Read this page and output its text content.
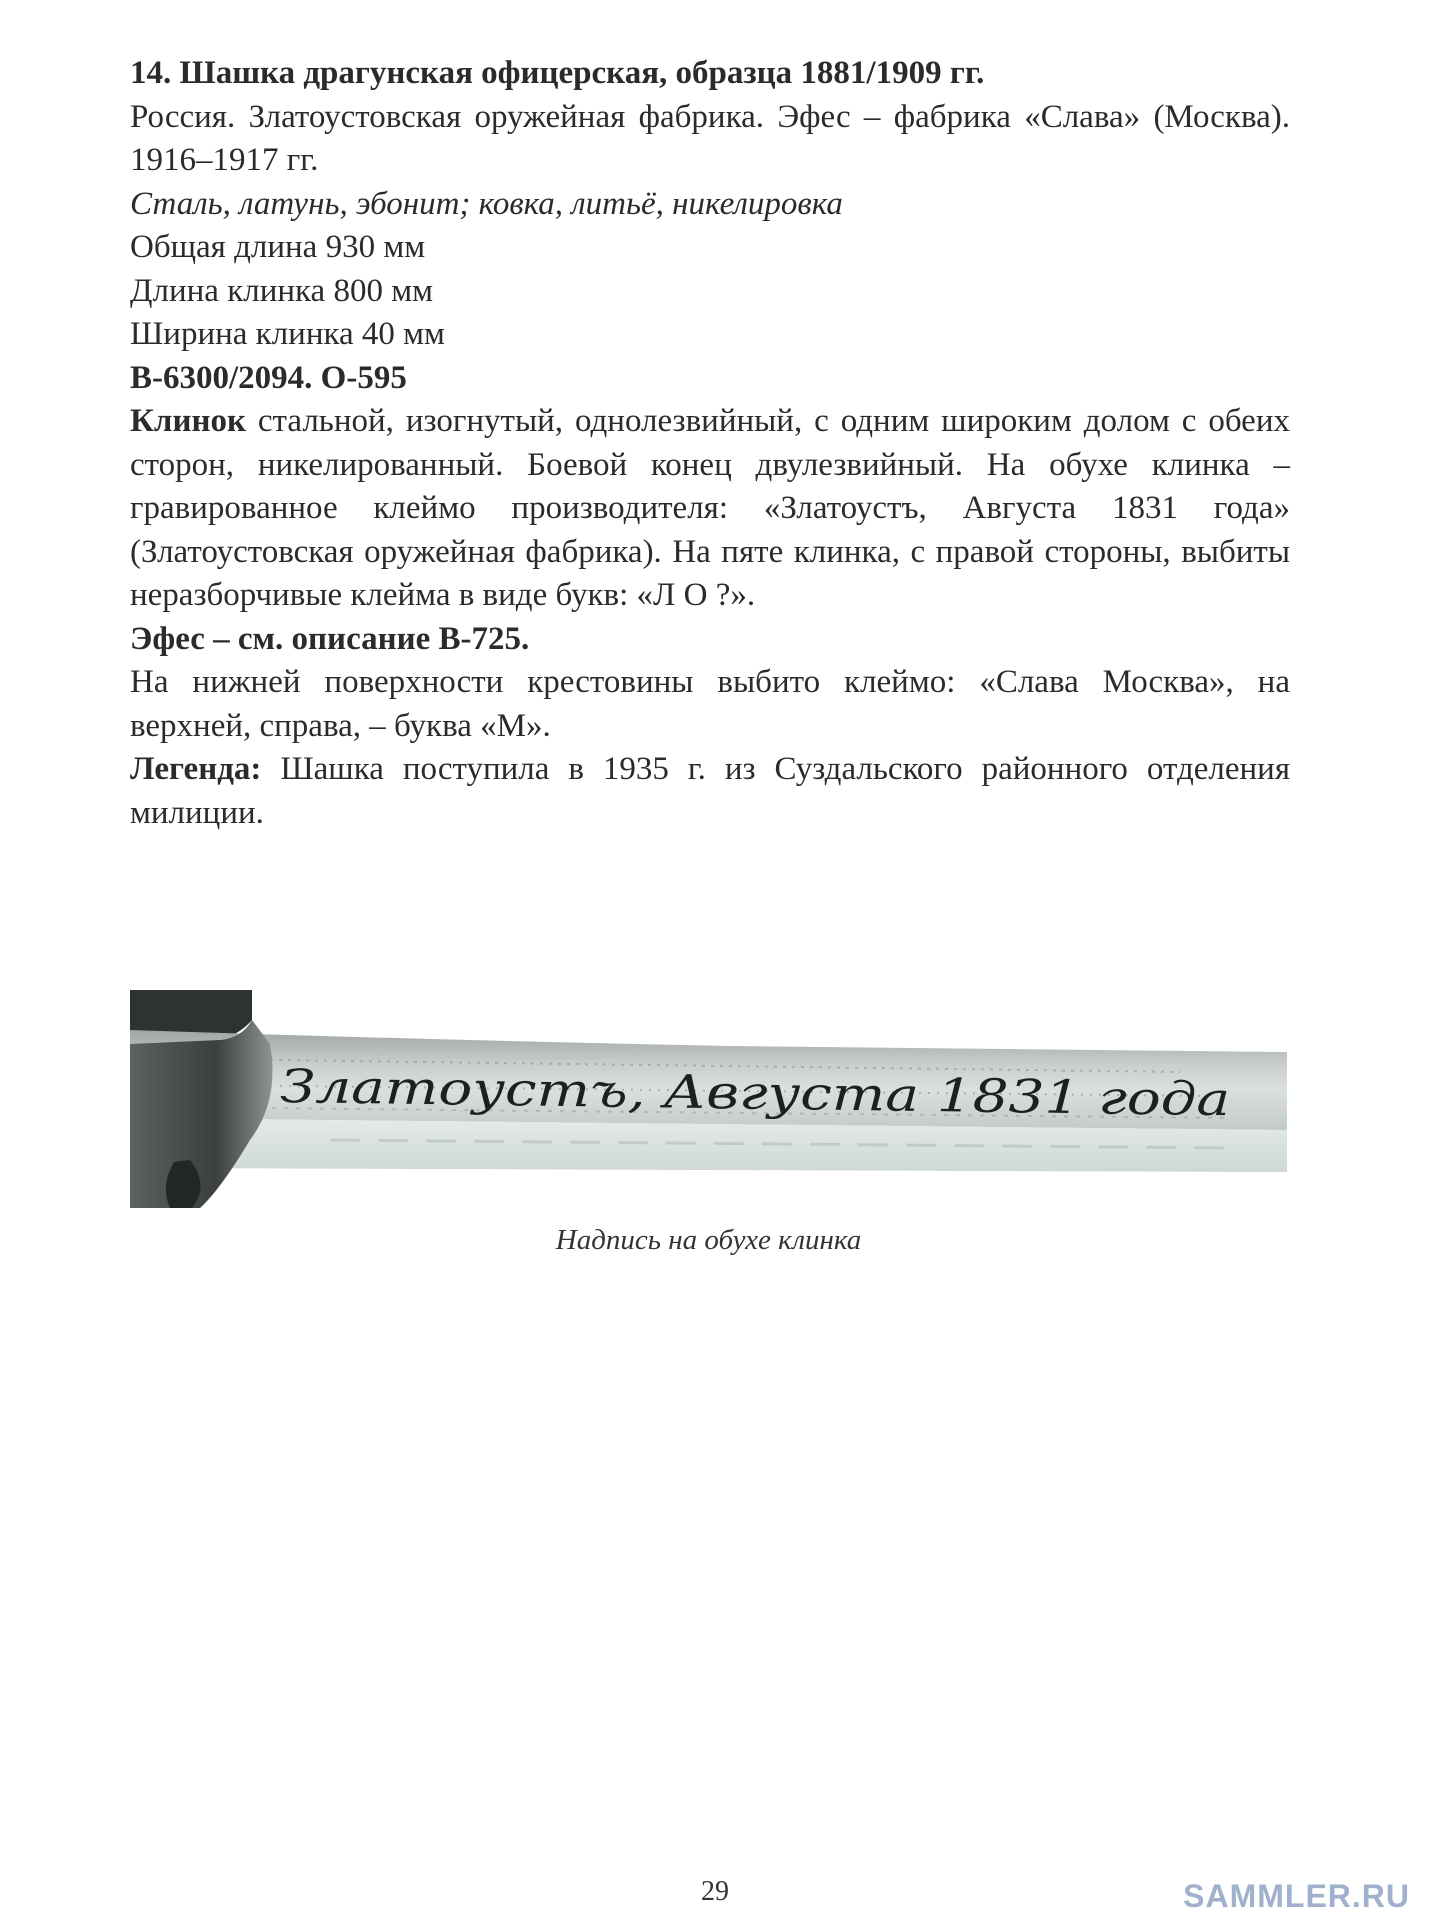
14. Шашка драгунская офицерская, образца 1881/1909 гг.

Россия. Златоустовская оружейная фабрика. Эфес – фабрика «Слава» (Москва). 1916–1917 гг.

Сталь, латунь, эбонит; ковка, литьё, никелировка

Общая длина 930 мм

Длина клинка 800 мм

Ширина клинка 40 мм

В-6300/2094. О-595

Клинок стальной, изогнутый, однолезвийный, с одним широким долом с обеих сторон, никелированный. Боевой конец двулезвийный. На обухе клинка – гравированное клеймо производителя: «Златоустъ, Августа 1831 года» (Златоустовская оружейная фабрика). На пяте клинка, с правой стороны, выбиты неразборчивые клейма в виде букв: «Л О ?».

Эфес – см. описание В-725.

На нижней поверхности крестовины выбито клеймо: «Слава Москва», на верхней, справа, – буква «М».

Легенда: Шашка поступила в 1935 г. из Суздальского районного отделения милиции.

Златоустъ, Августа 1831 года
Надпись на обухе клинка
29	SAMMLER.RU
